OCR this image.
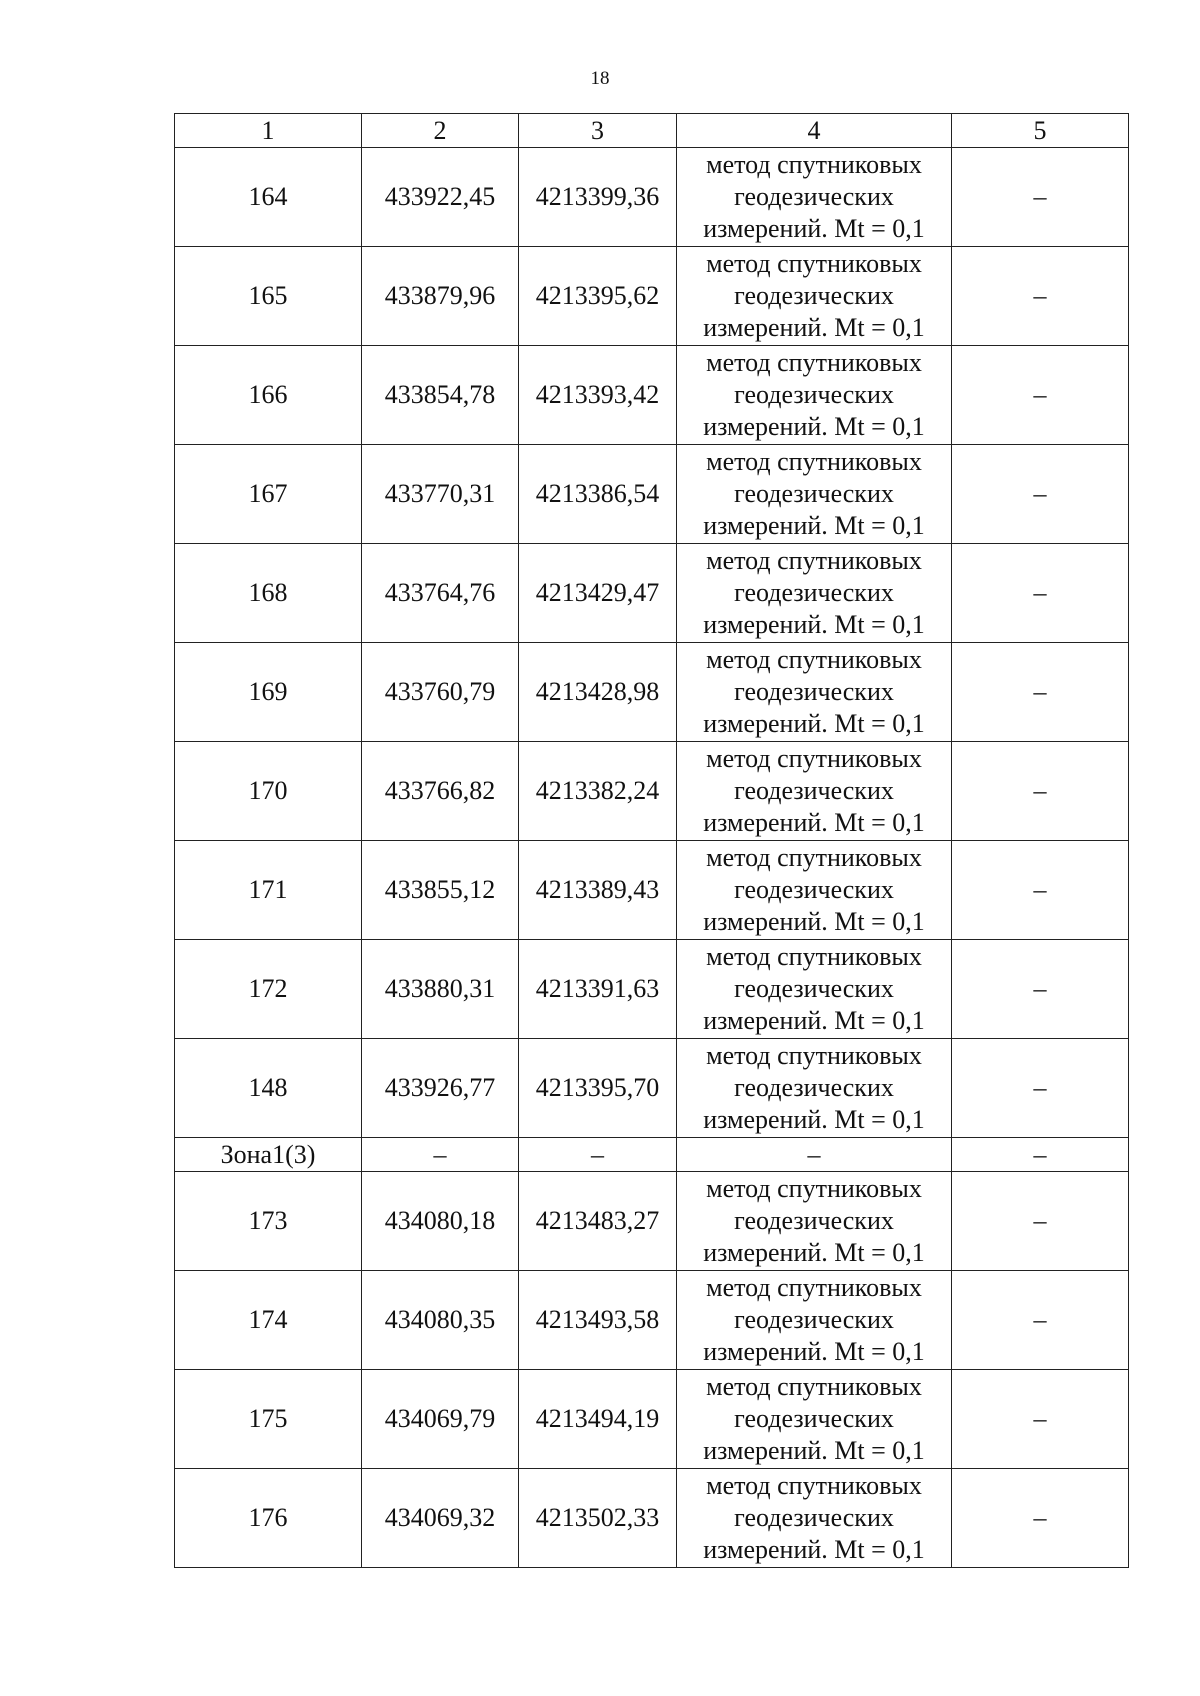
18
1	2	3	4	5
164	433922,45	4213399,36	метод спутниковых
геодезических
измерений. Mt = 0,1	–
165	433879,96	4213395,62	метод спутниковых
геодезических
измерений. Mt = 0,1	–
166	433854,78	4213393,42	метод спутниковых
геодезических
измерений. Mt = 0,1	–
167	433770,31	4213386,54	метод спутниковых
геодезических
измерений. Mt = 0,1	–
168	433764,76	4213429,47	метод спутниковых
геодезических
измерений. Mt = 0,1	–
169	433760,79	4213428,98	метод спутниковых
геодезических
измерений. Mt = 0,1	–
170	433766,82	4213382,24	метод спутниковых
геодезических
измерений. Mt = 0,1	–
171	433855,12	4213389,43	метод спутниковых
геодезических
измерений. Mt = 0,1	–
172	433880,31	4213391,63	метод спутниковых
геодезических
измерений. Mt = 0,1	–
148	433926,77	4213395,70	метод спутниковых
геодезических
измерений. Mt = 0,1	–
Зона1(3)	–	–	–	–
173	434080,18	4213483,27	метод спутниковых
геодезических
измерений. Mt = 0,1	–
174	434080,35	4213493,58	метод спутниковых
геодезических
измерений. Mt = 0,1	–
175	434069,79	4213494,19	метод спутниковых
геодезических
измерений. Mt = 0,1	–
176	434069,32	4213502,33	метод спутниковых
геодезических
измерений. Mt = 0,1	–
